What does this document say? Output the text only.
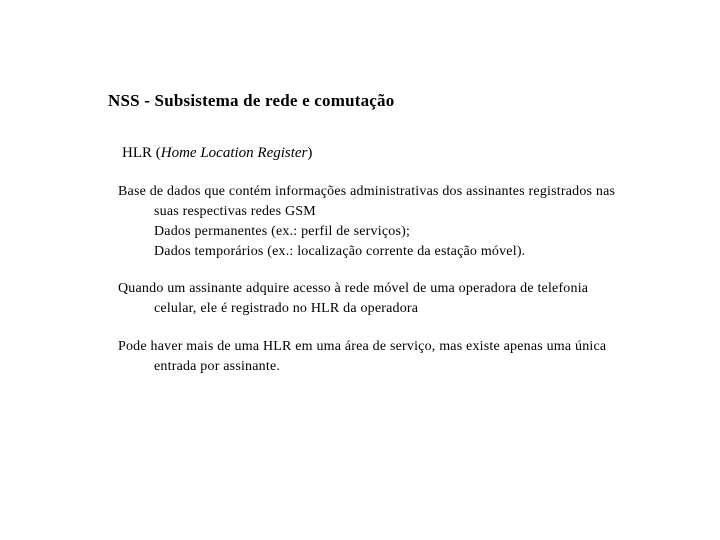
NSS - Subsistema de rede e comutação
HLR (Home Location Register)
Base de dados que contém informações administrativas dos assinantes registrados nas
suas respectivas redes GSM
Dados permanentes (ex.: perfil de serviços);
Dados temporários (ex.: localização corrente da estação móvel).
Quando um assinante adquire acesso à rede móvel de uma operadora de telefonia
celular, ele é registrado no HLR da operadora
Pode haver mais de uma HLR em uma área de serviço, mas existe apenas uma única
entrada por assinante.
